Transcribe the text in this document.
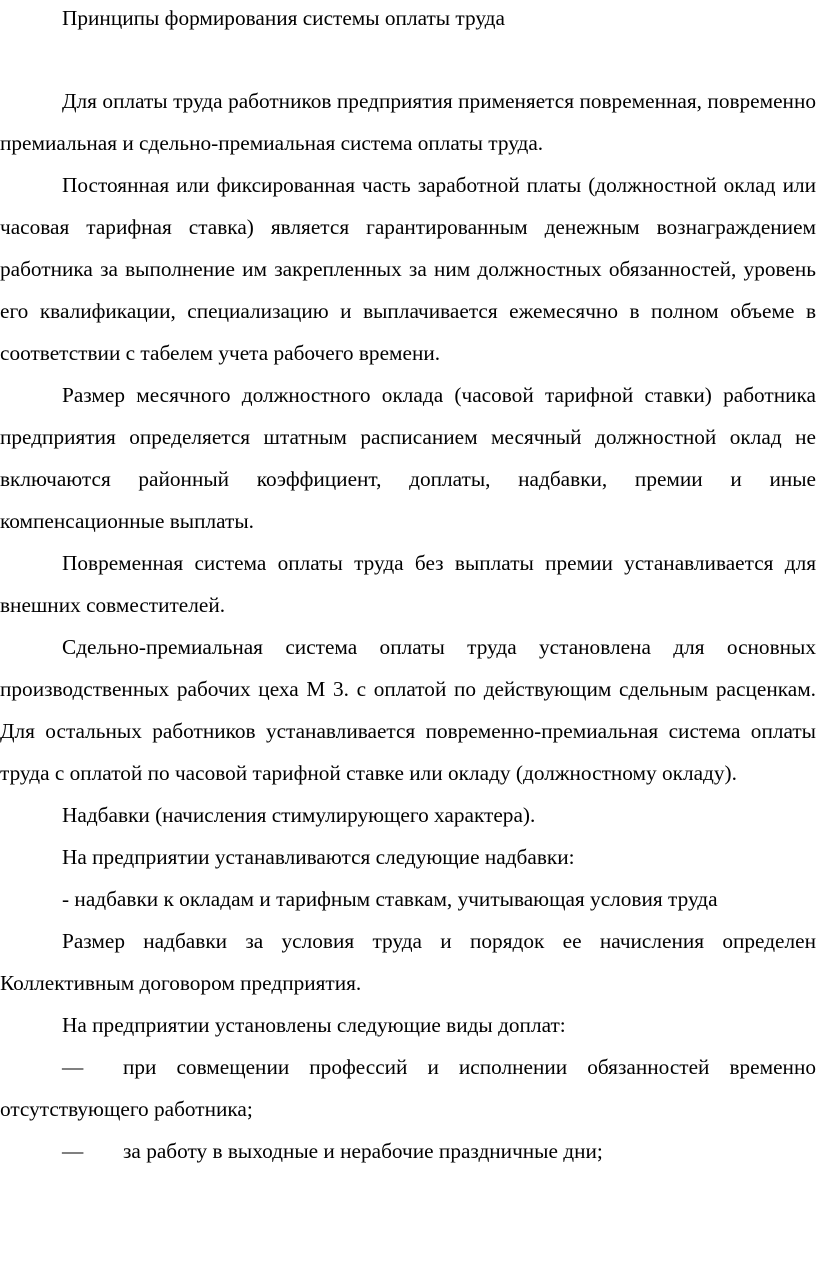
Принципы формирования системы оплаты труда

Для оплаты труда работников предприятия применяется повременная, повременно премиальная и сдельно-премиальная система оплаты труда.

Постоянная или фиксированная часть заработной платы (должностной оклад или часовая тарифная ставка) является гарантированным денежным вознаграждением работника за выполнение им закрепленных за ним должностных обязанностей, уровень его квалификации, специализацию и выплачивается ежемесячно в полном объеме в соответствии с табелем учета рабочего времени.

Размер месячного должностного оклада (часовой тарифной ставки) работника предприятия определяется штатным расписанием месячный должностной оклад не включаются районный коэффициент, доплаты, надбавки, премии и иные компенсационные выплаты.

Повременная система оплаты труда без выплаты премии устанавливается для внешних совместителей.

Сдельно-премиальная система оплаты труда установлена для основных производственных рабочих цеха М 3. с оплатой по действующим сдельным расценкам. Для остальных работников устанавливается повременно-премиальная система оплаты труда с оплатой по часовой тарифной ставке или окладу (должностному окладу).

Надбавки (начисления стимулирующего характера).

На предприятии устанавливаются следующие надбавки:

- надбавки к окладам и тарифным ставкам, учитывающая условия труда

Размер надбавки за условия труда и порядок ее начисления определен Коллективным договором предприятия.

На предприятии установлены следующие виды доплат:

— при совмещении профессий и исполнении обязанностей временно отсутствующего работника;

— за работу в выходные и нерабочие праздничные дни;
